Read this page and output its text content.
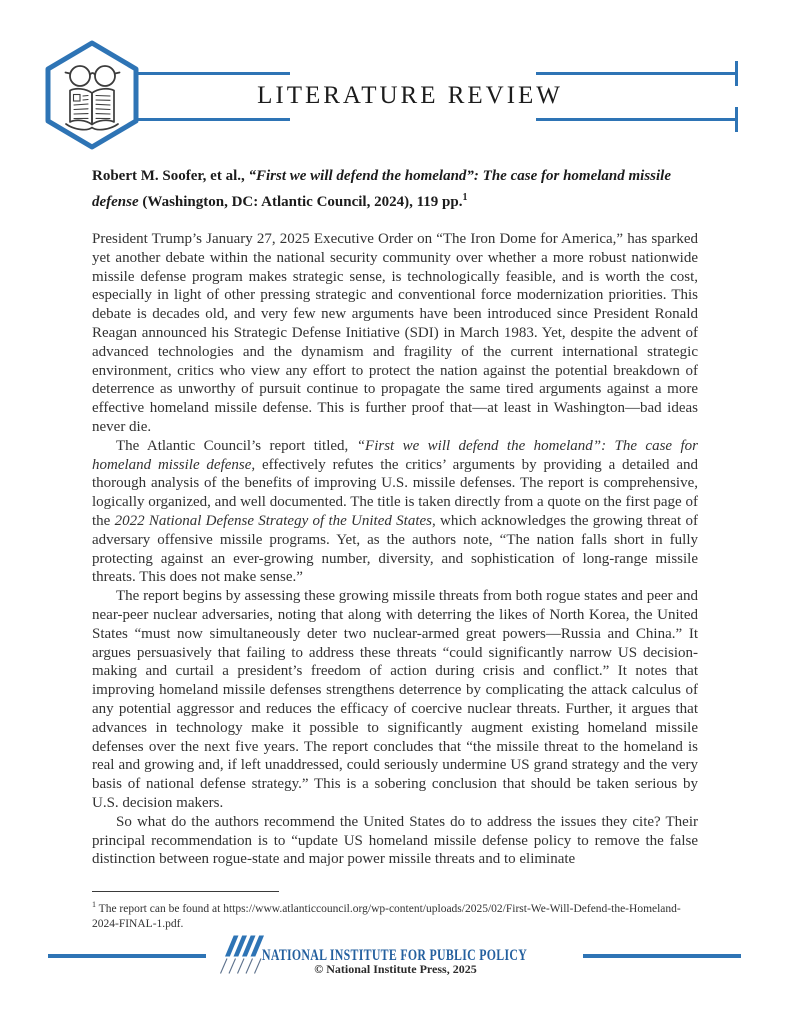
LITERATURE REVIEW
Robert M. Soofer, et al., “First we will defend the homeland”: The case for homeland missile defense (Washington, DC: Atlantic Council, 2024), 119 pp.$^1$

President Trump’s January 27, 2025 Executive Order on “The Iron Dome for America,” has sparked yet another debate within the national security community over whether a more robust nationwide missile defense program makes strategic sense, is technologically feasible, and is worth the cost, especially in light of other pressing strategic and conventional force modernization priorities. This debate is decades old, and very few new arguments have been introduced since President Ronald Reagan announced his Strategic Defense Initiative (SDI) in March 1983. Yet, despite the advent of advanced technologies and the dynamism and fragility of the current international strategic environment, critics who view any effort to protect the nation against the potential breakdown of deterrence as unworthy of pursuit continue to propagate the same tired arguments against a more effective homeland missile defense. This is further proof that—at least in Washington—bad ideas never die.

The Atlantic Council’s report titled, “First we will defend the homeland”: The case for homeland missile defense, effectively refutes the critics’ arguments by providing a detailed and thorough analysis of the benefits of improving U.S. missile defenses. The report is comprehensive, logically organized, and well documented. The title is taken directly from a quote on the first page of the 2022 National Defense Strategy of the United States, which acknowledges the growing threat of adversary offensive missile programs. Yet, as the authors note, “The nation falls short in fully protecting against an ever-growing number, diversity, and sophistication of long-range missile threats. This does not make sense.”

The report begins by assessing these growing missile threats from both rogue states and peer and near-peer nuclear adversaries, noting that along with deterring the likes of North Korea, the United States “must now simultaneously deter two nuclear-armed great powers—Russia and China.” It argues persuasively that failing to address these threats “could significantly narrow US decision-making and curtail a president’s freedom of action during crisis and conflict.” It notes that improving homeland missile defenses strengthens deterrence by complicating the attack calculus of any potential aggressor and reduces the efficacy of coercive nuclear threats. Further, it argues that advances in technology make it possible to significantly augment existing homeland missile defenses over the next five years. The report concludes that “the missile threat to the homeland is real and growing and, if left unaddressed, could seriously undermine US grand strategy and the very basis of national defense strategy.” This is a sobering conclusion that should be taken serious by U.S. decision makers.

So what do the authors recommend the United States do to address the issues they cite? Their principal recommendation is to “update US homeland missile defense policy to remove the false distinction between rogue-state and major power missile threats and to eliminate

$^1$ The report can be found at https://www.atlanticcouncil.org/wp-content/uploads/2025/02/First-We-Will-Defend-the-Homeland-2024-FINAL-1.pdf.
NATIONAL INSTITUTE FOR PUBLIC POLICY
© National Institute Press, 2025
